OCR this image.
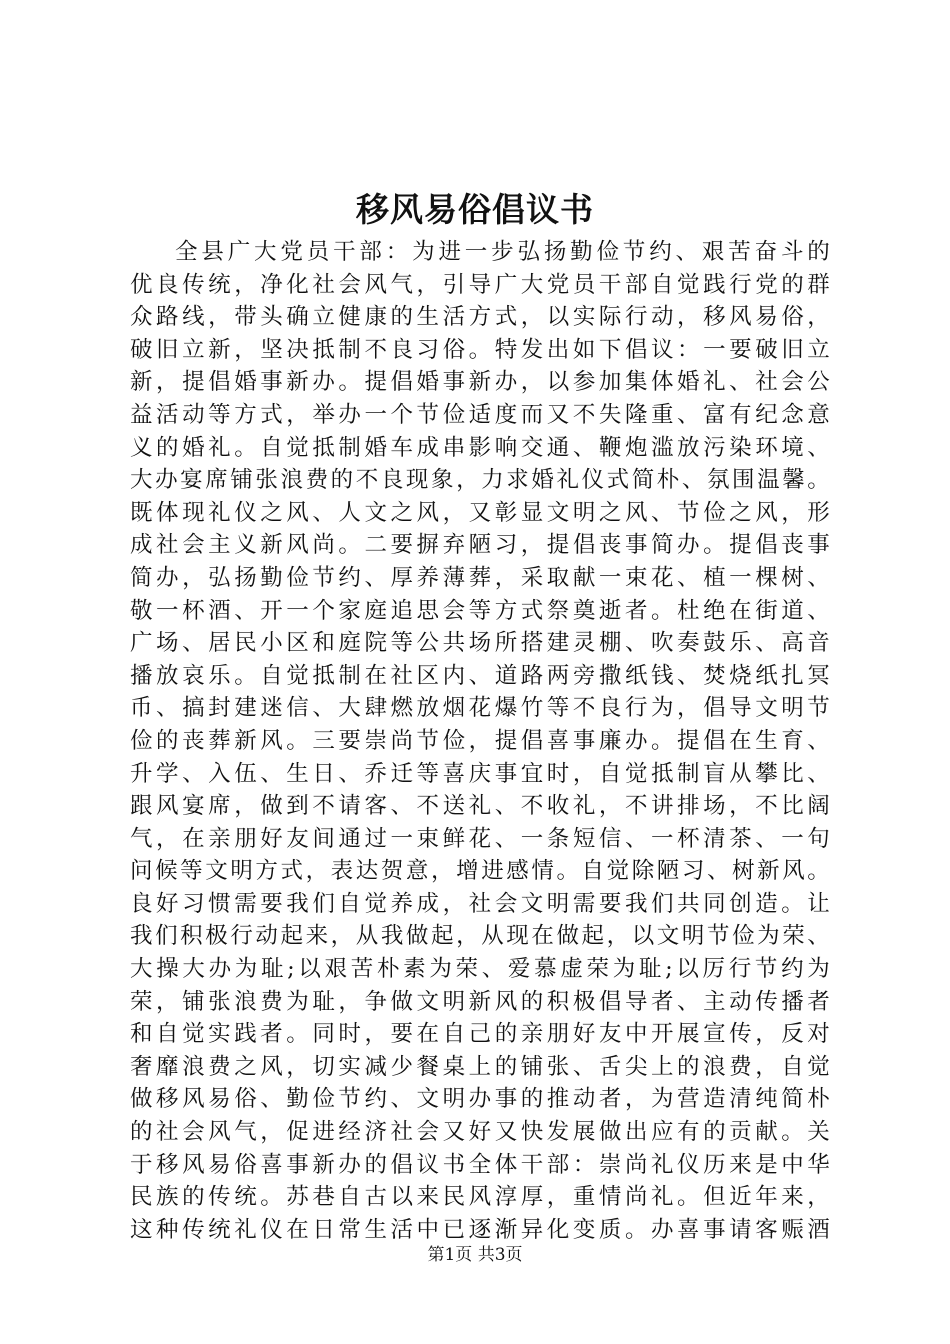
移风易俗倡议书
全县广大党员干部：为进一步弘扬勤俭节约、艰苦奋斗的
优良传统，净化社会风气，引导广大党员干部自觉践行党的群
众路线，带头确立健康的生活方式，以实际行动，移风易俗，
破旧立新，坚决抵制不良习俗。特发出如下倡议：一要破旧立
新，提倡婚事新办。提倡婚事新办，以参加集体婚礼、社会公
益活动等方式，举办一个节俭适度而又不失隆重、富有纪念意
义的婚礼。自觉抵制婚车成串影响交通、鞭炮滥放污染环境、
大办宴席铺张浪费的不良现象，力求婚礼仪式简朴、氛围温馨。
既体现礼仪之风、人文之风，又彰显文明之风、节俭之风，形
成社会主义新风尚。二要摒弃陋习，提倡丧事简办。提倡丧事
简办，弘扬勤俭节约、厚养薄葬，采取献一束花、植一棵树、
敬一杯酒、开一个家庭追思会等方式祭奠逝者。杜绝在街道、
广场、居民小区和庭院等公共场所搭建灵棚、吹奏鼓乐、高音
播放哀乐。自觉抵制在社区内、道路两旁撒纸钱、焚烧纸扎冥
币、搞封建迷信、大肆燃放烟花爆竹等不良行为，倡导文明节
俭的丧葬新风。三要崇尚节俭，提倡喜事廉办。提倡在生育、
升学、入伍、生日、乔迁等喜庆事宜时，自觉抵制盲从攀比、
跟风宴席，做到不请客、不送礼、不收礼，不讲排场，不比阔
气，在亲朋好友间通过一束鲜花、一条短信、一杯清茶、一句
问候等文明方式，表达贺意，增进感情。自觉除陋习、树新风。
良好习惯需要我们自觉养成，社会文明需要我们共同创造。让
我们积极行动起来，从我做起，从现在做起，以文明节俭为荣、
大操大办为耻;以艰苦朴素为荣、爱慕虚荣为耻;以厉行节约为
荣，铺张浪费为耻，争做文明新风的积极倡导者、主动传播者
和自觉实践者。同时，要在自己的亲朋好友中开展宣传，反对
奢靡浪费之风，切实减少餐桌上的铺张、舌尖上的浪费，自觉
做移风易俗、勤俭节约、文明办事的推动者，为营造清纯简朴
的社会风气，促进经济社会又好又快发展做出应有的贡献。关
于移风易俗喜事新办的倡议书全体干部：崇尚礼仪历来是中华
民族的传统。苏巷自古以来民风淳厚，重情尚礼。但近年来，
这种传统礼仪在日常生活中已逐渐异化变质。办喜事请客赈酒
第1页 共3页
